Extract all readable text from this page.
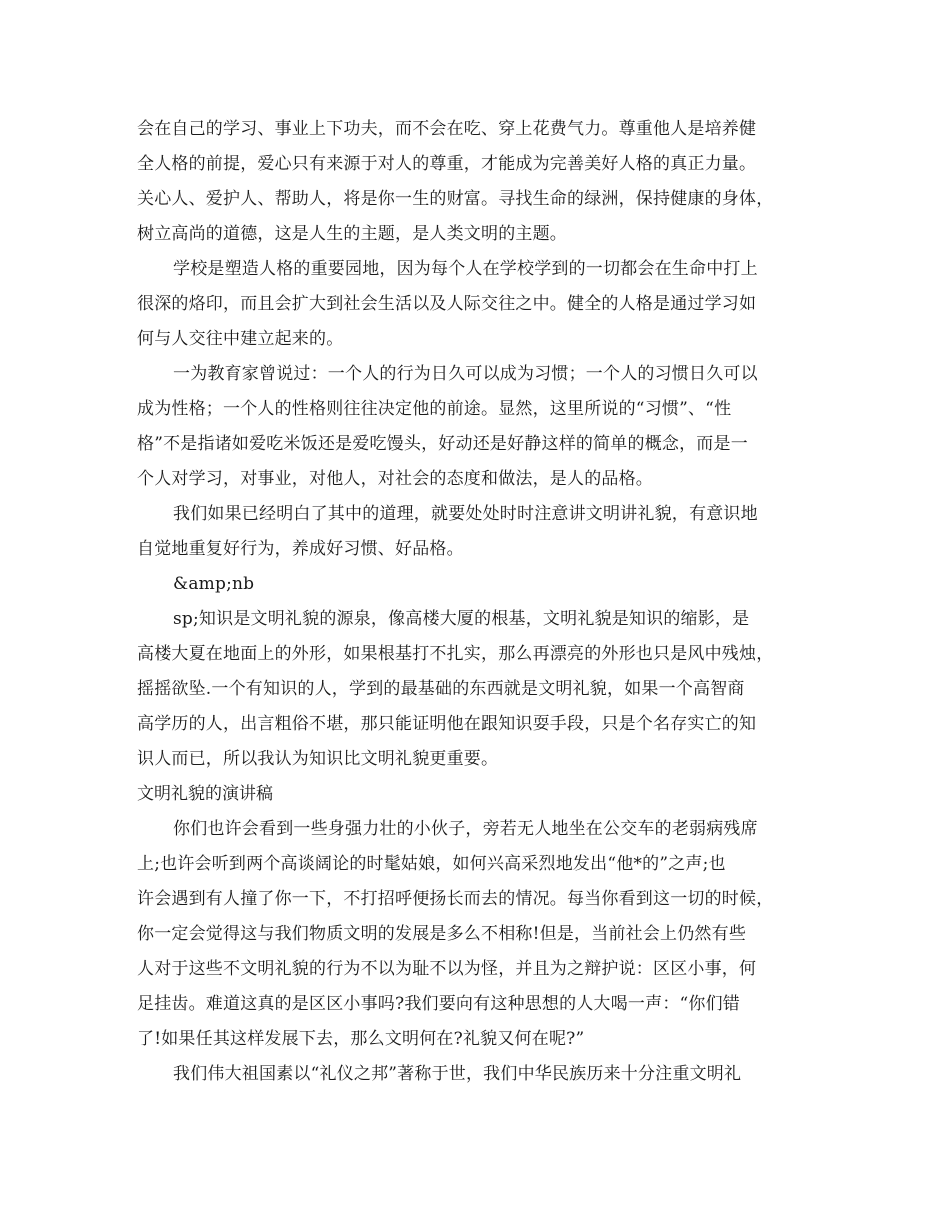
会在自己的学习、事业上下功夫，而不会在吃、穿上花费气力。尊重他人是培养健
全人格的前提，爱心只有来源于对人的尊重，才能成为完善美好人格的真正力量。
关心人、爱护人、帮助人，将是你一生的财富。寻找生命的绿洲，保持健康的身体，
树立高尚的道德，这是人生的主题，是人类文明的主题。
学校是塑造人格的重要园地，因为每个人在学校学到的一切都会在生命中打上
很深的烙印，而且会扩大到社会生活以及人际交往之中。健全的人格是通过学习如
何与人交往中建立起来的。
一为教育家曾说过：一个人的行为日久可以成为习惯；一个人的习惯日久可以
成为性格；一个人的性格则往往决定他的前途。显然，这里所说的“习惯”、“性
格”不是指诸如爱吃米饭还是爱吃馒头，好动还是好静这样的简单的概念，而是一
个人对学习，对事业，对他人，对社会的态度和做法，是人的品格。
我们如果已经明白了其中的道理，就要处处时时注意讲文明讲礼貌，有意识地
自觉地重复好行为，养成好习惯、好品格。
&amp;nb
sp;知识是文明礼貌的源泉，像高楼大厦的根基，文明礼貌是知识的缩影，是
高楼大夏在地面上的外形，如果根基打不扎实，那么再漂亮的外形也只是风中残烛，
摇摇欲坠.一个有知识的人，学到的最基础的东西就是文明礼貌，如果一个高智商
高学历的人，出言粗俗不堪，那只能证明他在跟知识耍手段，只是个名存实亡的知
识人而已，所以我认为知识比文明礼貌更重要。
文明礼貌的演讲稿
你们也许会看到一些身强力壮的小伙子，旁若无人地坐在公交车的老弱病残席
上;也许会听到两个高谈阔论的时髦姑娘，如何兴高采烈地发出“他*的”之声;也
许会遇到有人撞了你一下，不打招呼便扬长而去的情况。每当你看到这一切的时候，
你一定会觉得这与我们物质文明的发展是多么不相称!但是，当前社会上仍然有些
人对于这些不文明礼貌的行为不以为耻不以为怪，并且为之辩护说：区区小事，何
足挂齿。难道这真的是区区小事吗?我们要向有这种思想的人大喝一声：“你们错
了!如果任其这样发展下去，那么文明何在?礼貌又何在呢?”
我们伟大祖国素以“礼仪之邦”著称于世，我们中华民族历来十分注重文明礼
